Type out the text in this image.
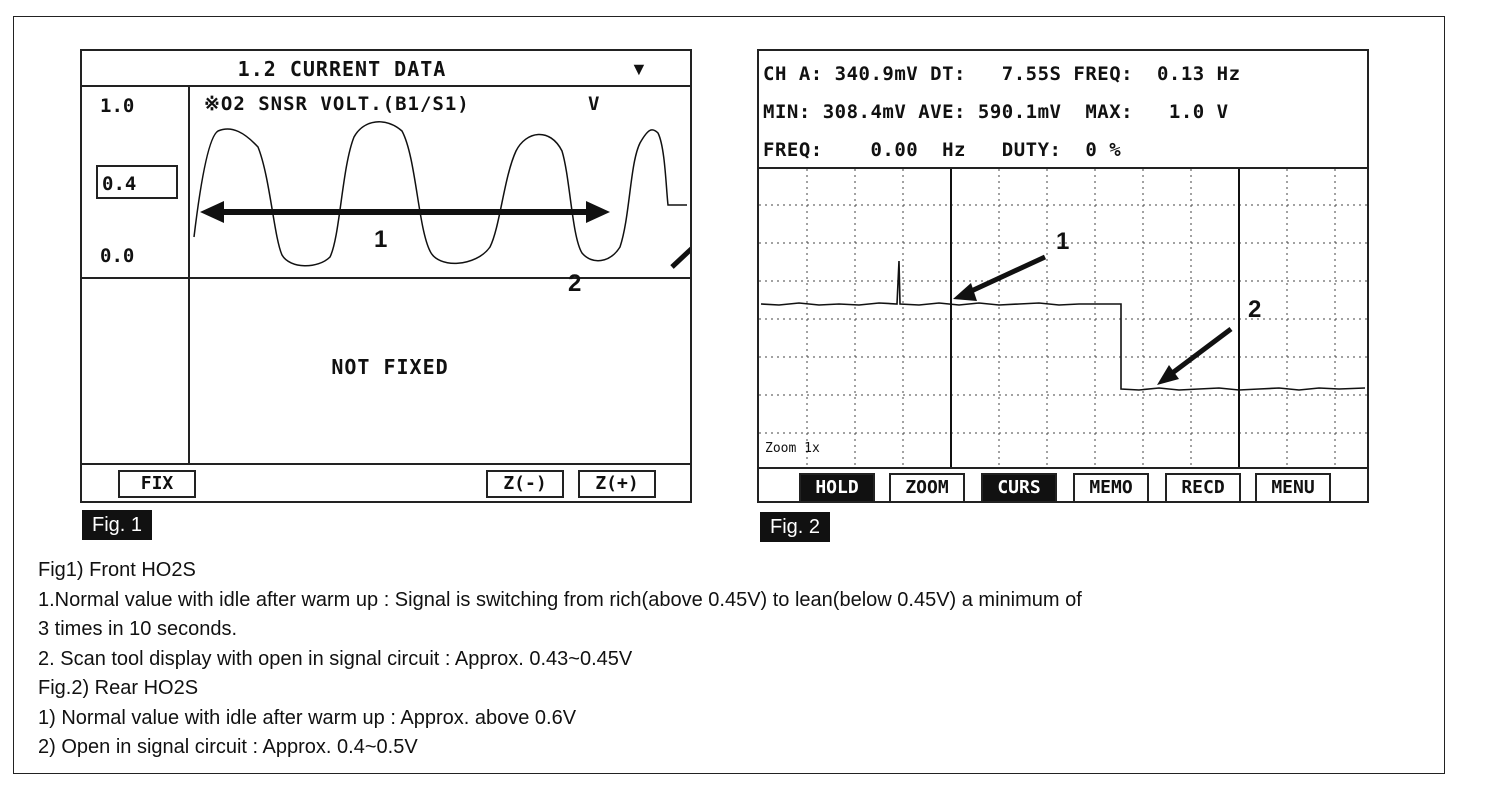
1.2 CURRENT DATA	▼
1.0
0.4
0.0
※O2 SNSR VOLT.(B1/S1)	V
NOT FIXED
FIX	Z(-)	Z(+)
1
2
Fig. 1
CH A: 340.9mV DT:   7.55S FREQ:  0.13 Hz
MIN: 308.4mV AVE: 590.1mV  MAX:   1.0 V
FREQ:    0.00  Hz   DUTY:  0 %
Zoom 1x
HOLD	ZOOM	CURS	MEMO	RECD	MENU
1
2
Fig. 2
Fig1) Front HO2S
1.Normal value with idle after warm up : Signal is switching from rich(above 0.45V) to lean(below 0.45V) a minimum of
3 times in 10 seconds.
2. Scan tool display with open in signal circuit : Approx. 0.43~0.45V
Fig.2) Rear HO2S
1) Normal value with idle after warm up : Approx. above 0.6V
2) Open in signal circuit : Approx. 0.4~0.5V
